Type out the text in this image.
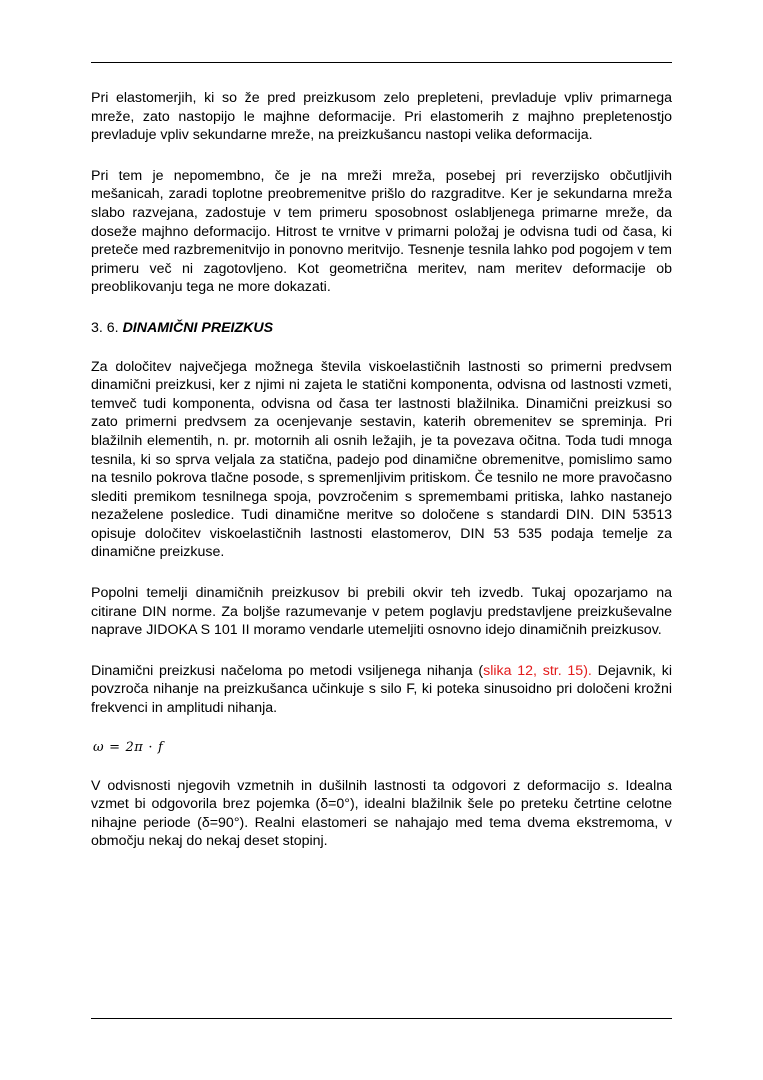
Pri elastomerjih, ki so že pred preizkusom zelo prepleteni, prevladuje vpliv primarnega mreže, zato nastopijo le majhne deformacije. Pri elastomerih z majhno prepletenostjo prevladuje vpliv sekundarne mreže, na preizkušancu nastopi velika deformacija.

Pri tem je nepomembno, če je na mreži mreža, posebej pri reverzijsko občutljivih mešanicah, zaradi toplotne preobremenitve prišlo do razgraditve. Ker je sekundarna mreža slabo razvejana, zadostuje v tem primeru sposobnost oslabljenega primarne mreže, da doseže majhno deformacijo. Hitrost te vrnitve v primarni položaj je odvisna tudi od časa, ki preteče med razbremenitvijo in ponovno meritvijo. Tesnenje tesnila lahko pod pogojem v tem primeru več ni zagotovljeno. Kot geometrična meritev, nam meritev deformacije ob preoblikovanju tega ne more dokazati.

3. 6. DINAMIČNI PREIZKUS

Za določitev največjega možnega števila viskoelastičnih lastnosti so primerni predvsem dinamični preizkusi, ker z njimi ni zajeta le statični komponenta, odvisna od lastnosti vzmeti, temveč tudi komponenta, odvisna od časa ter lastnosti blažilnika. Dinamični preizkusi so zato primerni predvsem za ocenjevanje sestavin, katerih obremenitev se spreminja. Pri blažilnih elementih, n. pr. motornih ali osnih ležajih, je ta povezava očitna. Toda tudi mnoga tesnila, ki so sprva veljala za statična, padejo pod dinamične obremenitve, pomislimo samo na tesnilo pokrova tlačne posode, s spremenljivim pritiskom. Če tesnilo ne more pravočasno slediti premikom tesnilnega spoja, povzročenim s spremembami pritiska, lahko nastanejo nezaželene posledice. Tudi dinamične meritve so določene s standardi DIN. DIN 53513 opisuje določitev viskoelastičnih lastnosti elastomerov, DIN 53 535 podaja temelje za dinamične preizkuse.

Popolni temelji dinamičnih preizkusov bi prebili okvir teh izvedb. Tukaj opozarjamo na citirane DIN norme. Za boljše razumevanje v petem poglavju predstavljene preizkuševalne naprave JIDOKA S 101 II moramo vendarle utemeljiti osnovno idejo dinamičnih preizkusov.

Dinamični preizkusi načeloma po metodi vsiljenega nihanja (slika 12, str. 15). Dejavnik, ki povzroča nihanje na preizkušanca učinkuje s silo F, ki poteka sinusoidno pri določeni krožni frekvenci in amplitudi nihanja.

ω = 2π · f

V odvisnosti njegovih vzmetnih in dušilnih lastnosti ta odgovori z deformacijo s. Idealna vzmet bi odgovorila brez pojemka (δ=0°), idealni blažilnik šele po preteku četrtine celotne nihajne periode (δ=90°). Realni elastomeri se nahajajo med tema dvema ekstremoma, v območju nekaj do nekaj deset stopinj.
